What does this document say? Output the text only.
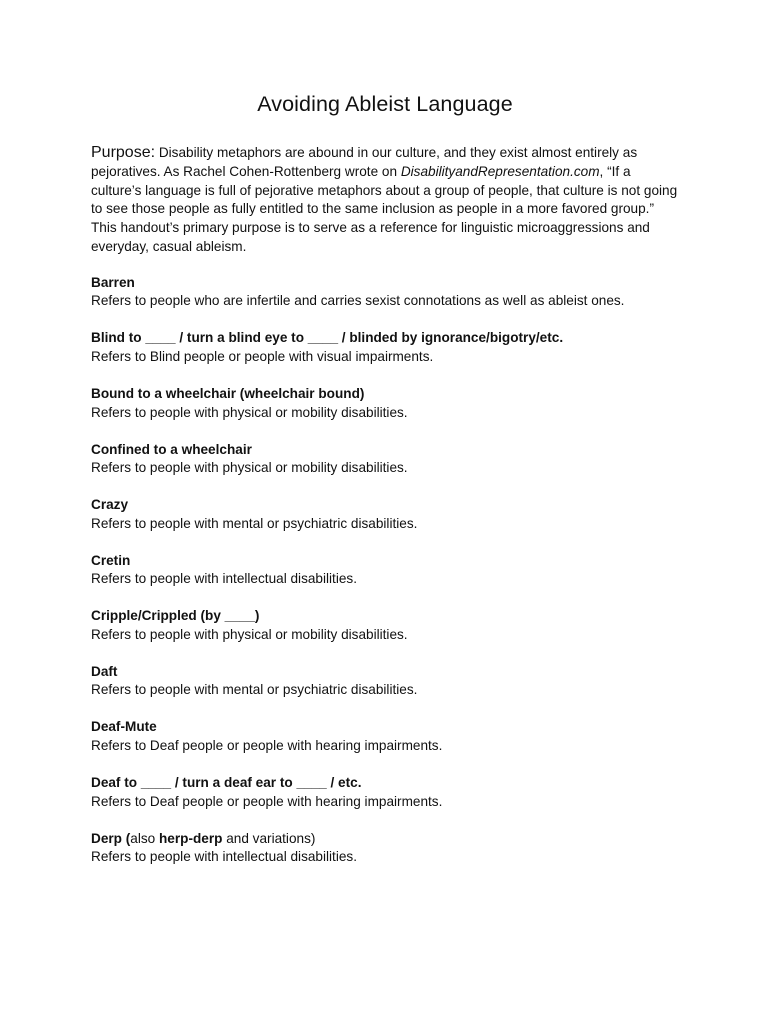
Avoiding Ableist Language

Purpose: Disability metaphors are abound in our culture, and they exist almost entirely as pejoratives. As Rachel Cohen-Rottenberg wrote on DisabilityandRepresentation.com, “If a culture’s language is full of pejorative metaphors about a group of people, that culture is not going to see those people as fully entitled to the same inclusion as people in a more favored group.” This handout’s primary purpose is to serve as a reference for linguistic microaggressions and everyday, casual ableism.

Barren
Refers to people who are infertile and carries sexist connotations as well as ableist ones.
Blind to ____ / turn a blind eye to ____ / blinded by ignorance/bigotry/etc.
Refers to Blind people or people with visual impairments.
Bound to a wheelchair (wheelchair bound)
Refers to people with physical or mobility disabilities.
Confined to a wheelchair
Refers to people with physical or mobility disabilities.
Crazy
Refers to people with mental or psychiatric disabilities.
Cretin
Refers to people with intellectual disabilities.
Cripple/Crippled (by ____)
Refers to people with physical or mobility disabilities.
Daft
Refers to people with mental or psychiatric disabilities.
Deaf-Mute
Refers to Deaf people or people with hearing impairments.
Deaf to ____ / turn a deaf ear to ____ / etc.
Refers to Deaf people or people with hearing impairments.
Derp (also herp-derp and variations)
Refers to people with intellectual disabilities.
